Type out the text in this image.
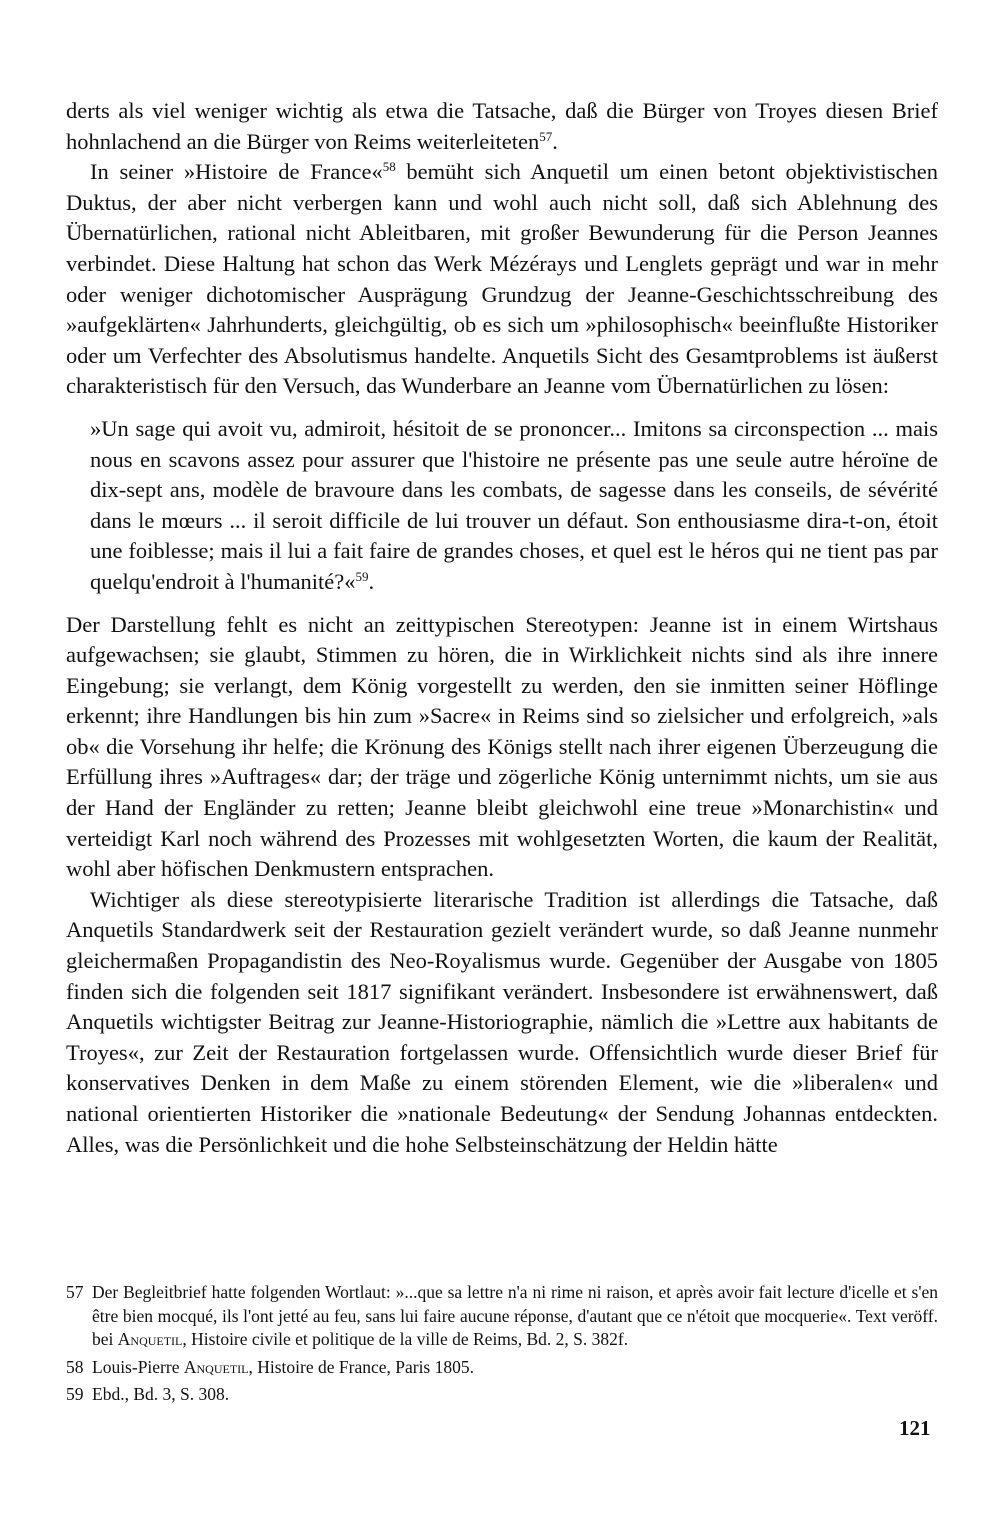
derts als viel weniger wichtig als etwa die Tatsache, daß die Bürger von Troyes diesen Brief hohnlachend an die Bürger von Reims weiterleiteten$^{57}$.

In seiner »Histoire de France«$^{58}$ bemüht sich Anquetil um einen betont objektivistischen Duktus, der aber nicht verbergen kann und wohl auch nicht soll, daß sich Ablehnung des Übernatürlichen, rational nicht Ableitbaren, mit großer Bewunderung für die Person Jeannes verbindet. Diese Haltung hat schon das Werk Mézérays und Lenglets geprägt und war in mehr oder weniger dichotomischer Ausprägung Grundzug der Jeanne-Geschichtsschreibung des »aufgeklärten« Jahrhunderts, gleichgültig, ob es sich um »philosophisch« beeinflußte Historiker oder um Verfechter des Absolutismus handelte. Anquetils Sicht des Gesamtproblems ist äußerst charakteristisch für den Versuch, das Wunderbare an Jeanne vom Übernatürlichen zu lösen:

»Un sage qui avoit vu, admiroit, hésitoit de se prononcer... Imitons sa circonspection ... mais nous en scavons assez pour assurer que l'histoire ne présente pas une seule autre héroïne de dix-sept ans, modèle de bravoure dans les combats, de sagesse dans les conseils, de sévérité dans le mœurs ... il seroit difficile de lui trouver un défaut. Son enthousiasme dira-t-on, étoit une foiblesse; mais il lui a fait faire de grandes choses, et quel est le héros qui ne tient pas par quelqu'endroit à l'humanité?«$^{59}$.

Der Darstellung fehlt es nicht an zeittypischen Stereotypen: Jeanne ist in einem Wirtshaus aufgewachsen; sie glaubt, Stimmen zu hören, die in Wirklichkeit nichts sind als ihre innere Eingebung; sie verlangt, dem König vorgestellt zu werden, den sie inmitten seiner Höflinge erkennt; ihre Handlungen bis hin zum »Sacre« in Reims sind so zielsicher und erfolgreich, »als ob« die Vorsehung ihr helfe; die Krönung des Königs stellt nach ihrer eigenen Überzeugung die Erfüllung ihres »Auftrages« dar; der träge und zögerliche König unternimmt nichts, um sie aus der Hand der Engländer zu retten; Jeanne bleibt gleichwohl eine treue »Monarchistin« und verteidigt Karl noch während des Prozesses mit wohlgesetzten Worten, die kaum der Realität, wohl aber höfischen Denkmustern entsprachen.

Wichtiger als diese stereotypisierte literarische Tradition ist allerdings die Tatsache, daß Anquetils Standardwerk seit der Restauration gezielt verändert wurde, so daß Jeanne nunmehr gleichermaßen Propagandistin des Neo-Royalismus wurde. Gegenüber der Ausgabe von 1805 finden sich die folgenden seit 1817 signifikant verändert. Insbesondere ist erwähnenswert, daß Anquetils wichtigster Beitrag zur Jeanne-Historiographie, nämlich die »Lettre aux habitants de Troyes«, zur Zeit der Restauration fortgelassen wurde. Offensichtlich wurde dieser Brief für konservatives Denken in dem Maße zu einem störenden Element, wie die »liberalen« und national orientierten Historiker die »nationale Bedeutung« der Sendung Johannas entdeckten. Alles, was die Persönlichkeit und die hohe Selbsteinschätzung der Heldin hätte

57 Der Begleitbrief hatte folgenden Wortlaut: »...que sa lettre n'a ni rime ni raison, et après avoir fait lecture d'icelle et s'en être bien mocqué, ils l'ont jetté au feu, sans lui faire aucune réponse, d'autant que ce n'étoit que mocquerie«. Text veröff. bei Anquetil, Histoire civile et politique de la ville de Reims, Bd. 2, S. 382f.
58 Louis-Pierre Anquetil, Histoire de France, Paris 1805.
59 Ebd., Bd. 3, S. 308.
121
